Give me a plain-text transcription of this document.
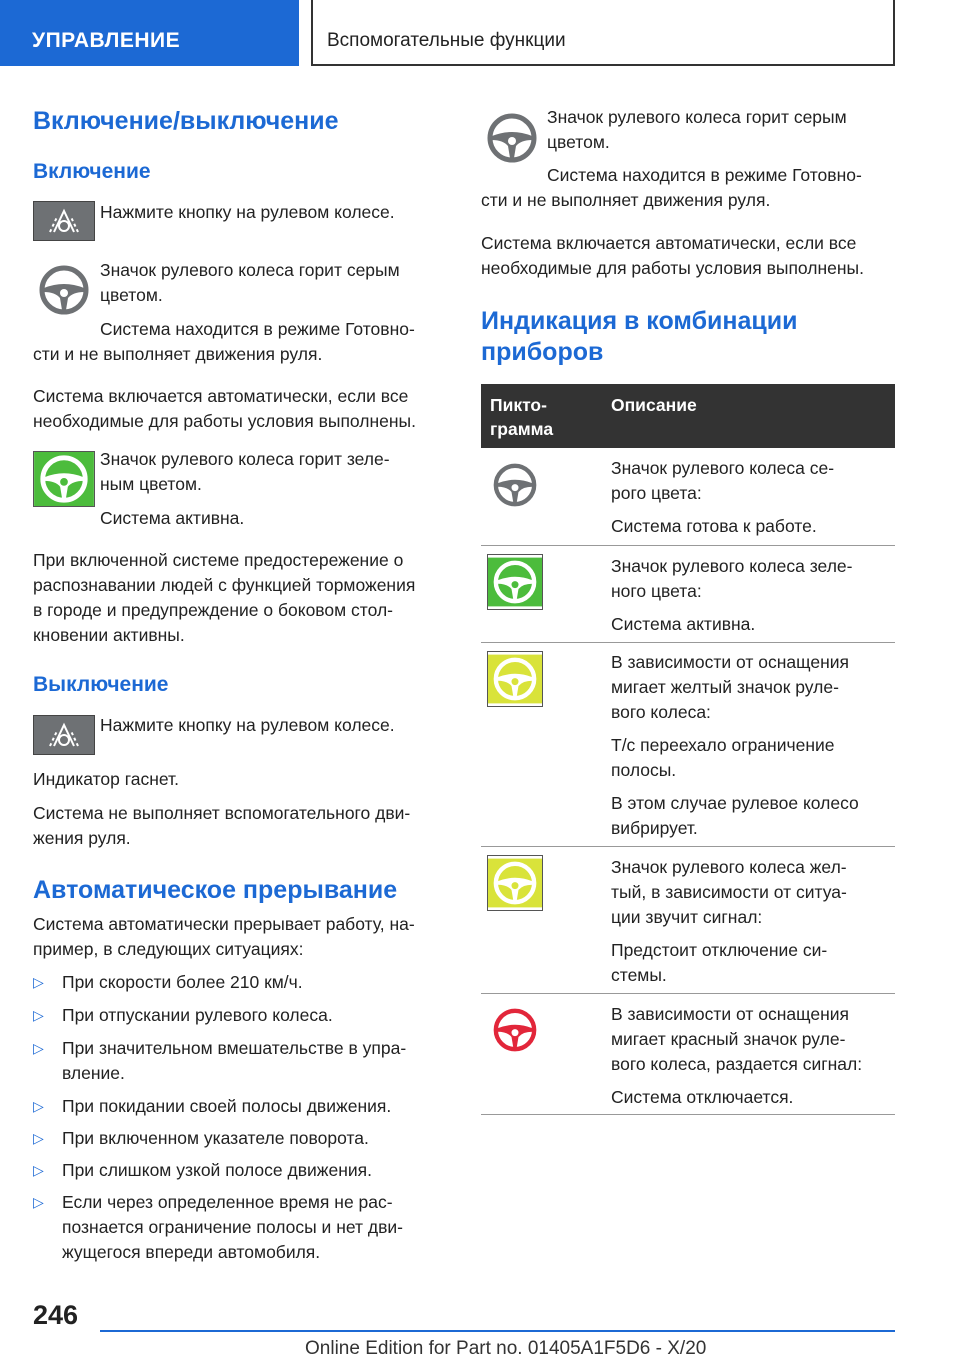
УПРАВЛЕНИЕ	Вспомогательные функции
Включение/выключение
Включение

Нажмите кнопку на рулевом колесе.

Значок рулевого колеса горит серым

цветом.

Система находится в режиме Готовно-

сти и не выполняет движения руля.

Система включается автоматически, если все

необходимые для работы условия выполнены.

Значок рулевого колеса горит зеле-

ным цветом.

Система активна.

При включенной системе предостережение о

распознавании людей с функцией торможения

в городе и предупреждение о боковом стол-

кновении активны.

Выключение

Нажмите кнопку на рулевом колесе.

Индикатор гаснет.

Система не выполняет вспомогательного дви-

жения руля.

Автоматическое прерывание

Система автоматически прерывает работу, на-

пример, в следующих ситуациях:

▷ При скорости более 210 км/ч.
▷ При отпускании рулевого колеса.
▷ При значительном вмешательстве в упра-

вление.

▷ При покидании своей полосы движения.
▷ При включенном указателе поворота.
▷ При слишком узкой полосе движения.
▷ Если через определенное время не рас-

познается ограничение полосы и нет дви-

жущегося впереди автомобиля.

Значок рулевого колеса горит серым

цветом.

Система находится в режиме Готовно-

сти и не выполняет движения руля.

Система включается автоматически, если все

необходимые для работы условия выполнены.

Индикация в комбинации
приборов
Пикто-
грамма
Описание

Значок рулевого колеса се-

рого цвета:

Система готова к работе.

Значок рулевого колеса зеле-

ного цвета:

Система активна.

В зависимости от оснащения

мигает желтый значок руле-

вого колеса:

Т/с переехало ограничение

полосы.

В этом случае рулевое колесо

вибрирует.

Значок рулевого колеса жел-

тый, в зависимости от ситуа-

ции звучит сигнал:

Предстоит отключение си-

стемы.

В зависимости от оснащения

мигает красный значок руле-

вого колеса, раздается сигнал:

Система отключается.

246
Online Edition for Part no. 01405A1F5D6 - X/20
